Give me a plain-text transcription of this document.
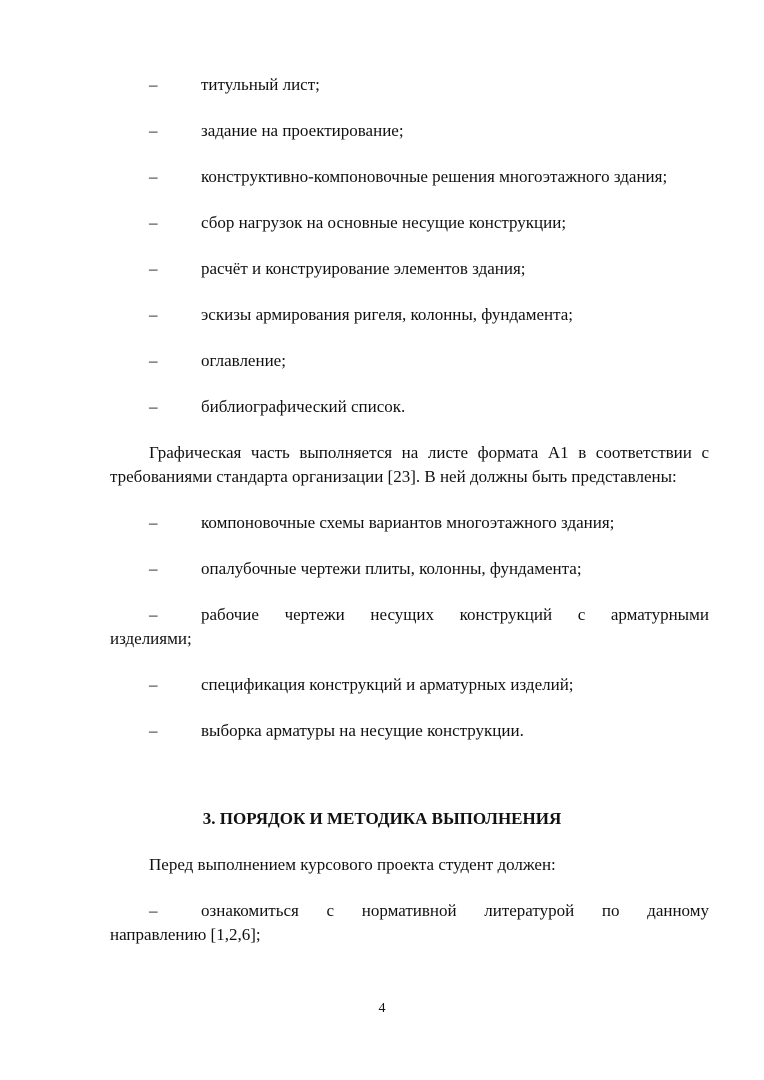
–	титульный лист;
–	задание на проектирование;
–	конструктивно-компоновочные решения многоэтажного здания;
–	сбор нагрузок на основные несущие конструкции;
–	расчёт и конструирование элементов здания;
–	эскизы армирования ригеля, колонны, фундамента;
–	оглавление;
–	библиографический список.
Графическая часть выполняется на листе формата А1 в соответствии с
требованиями стандарта организации [23]. В ней должны быть представлены:
–	компоновочные схемы вариантов многоэтажного здания;
–	опалубочные чертежи плиты, колонны, фундамента;
–	рабочие чертежи несущих конструкций с арматурными
изделиями;
–	спецификация конструкций и арматурных изделий;
–	выборка арматуры на несущие конструкции.
3. ПОРЯДОК И МЕТОДИКА ВЫПОЛНЕНИЯ
Перед выполнением курсового проекта студент должен:
–	ознакомиться с нормативной литературой по данному
направлению [1,2,6];
4
